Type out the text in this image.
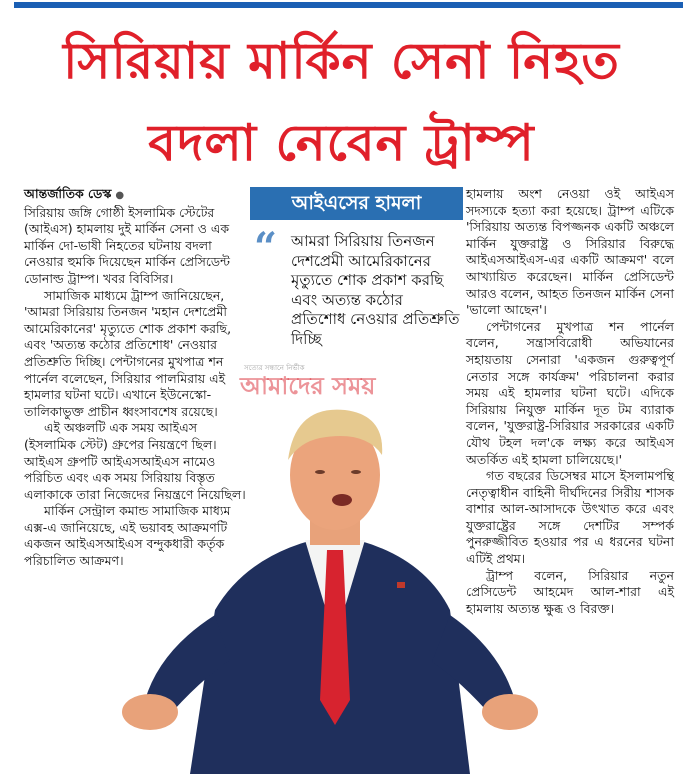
সিরিয়ায় মার্কিন সেনা নিহত
বদলা নেবেন ট্রাম্প

আন্তর্জাতিক ডেস্ক ●

সিরিয়ায় জঙ্গি গোষ্ঠী ইসলামিক স্টেটের (আইএস) হামলায় দুই মার্কিন সেনা ও এক মার্কিন দো-ভাষী নিহতের ঘটনায় বদলা নেওয়ার হুমকি দিয়েছেন মার্কিন প্রেসিডেন্ট ডোনাল্ড ট্রাম্প। খবর বিবিসির।

সামাজিক মাধ্যমে ট্রাম্প জানিয়েছেন, 'আমরা সিরিয়ায় তিনজন 'মহান দেশপ্রেমী আমেরিকানের' মৃত্যুতে শোক প্রকাশ করছি, এবং 'অত্যন্ত কঠোর প্রতিশোধ' নেওয়ার প্রতিশ্রুতি দিচ্ছি। পেন্টাগনের মুখপাত্র শন পার্নেল বলেছেন, সিরিয়ার পালমিরায় এই হামলার ঘটনা ঘটে। এখানে ইউনেস্কো-তালিকাভুক্ত প্রাচীন ধ্বংসাবশেষ রয়েছে।

এই অঞ্চলটি এক সময় আইএস (ইসলামিক স্টেট) গ্রুপের নিয়ন্ত্রণে ছিল। আইএস গ্রুপটি আইএসআইএস নামেও পরিচিত এবং এক সময় সিরিয়ায় বিস্তৃত এলাকাকে তারা নিজেদের নিয়ন্ত্রণে নিয়েছিল।

মার্কিন সেন্ট্রাল কমান্ড সামাজিক মাধ্যম এক্স-এ জানিয়েছে, এই ভয়াবহ আক্রমণটি একজন আইএসআইএস বন্দুকধারী কর্তৃক পরিচালিত আক্রমণ।

হামলায় অংশ নেওয়া ওই আইএস সদস্যকে হত্যা করা হয়েছে। ট্রাম্প এটিকে 'সিরিয়ায় অত্যন্ত বিপজ্জনক একটি অঞ্চলে মার্কিন যুক্তরাষ্ট্র ও সিরিয়ার বিরুদ্ধে আইএসআইএস-এর একটি আক্রমণ' বলে আখ্যায়িত করেছেন। মার্কিন প্রেসিডেন্ট আরও বলেন, আহত তিনজন মার্কিন সেনা 'ভালো আছেন'।

পেন্টাগনের মুখপাত্র শন পার্নেল বলেন, সন্ত্রাসবিরোধী অভিযানের সহায়তায় সেনারা 'একজন গুরুত্বপূর্ণ নেতার সঙ্গে কার্যক্রম' পরিচালনা করার সময় এই হামলার ঘটনা ঘটে। এদিকে সিরিয়ায় নিযুক্ত মার্কিন দূত টম ব্যারাক বলেন, 'যুক্তরাষ্ট্র-সিরিয়ার সরকারের একটি যৌথ টহল দল'কে লক্ষ্য করে আইএস অতর্কিত এই হামলা চালিয়েছে।'

গত বছরের ডিসেম্বর মাসে ইসলামপন্থি নেতৃত্বাধীন বাহিনী দীর্ঘদিনের সিরীয় শাসক বাশার আল-আসাদকে উৎখাত করে এবং যুক্তরাষ্ট্রের সঙ্গে দেশটির সম্পর্ক পুনরুজ্জীবিত হওয়ার পর এ ধরনের ঘটনা এটিই প্রথম।

ট্রাম্প বলেন, সিরিয়ার নতুন প্রেসিডেন্ট আহমেদ আল-শারা এই হামলায় অত্যন্ত ক্ষুব্ধ ও বিরক্ত।

আইএসের হামলা
“ আমরা সিরিয়ায় তিনজন দেশপ্রেমী আমেরিকানের মৃত্যুতে শোক প্রকাশ করছি এবং অত্যন্ত কঠোর প্রতিশোধ নেওয়ার প্রতিশ্রুতি দিচ্ছি
সত্যের সন্ধানে নির্ভীক
আমাদের সময়
